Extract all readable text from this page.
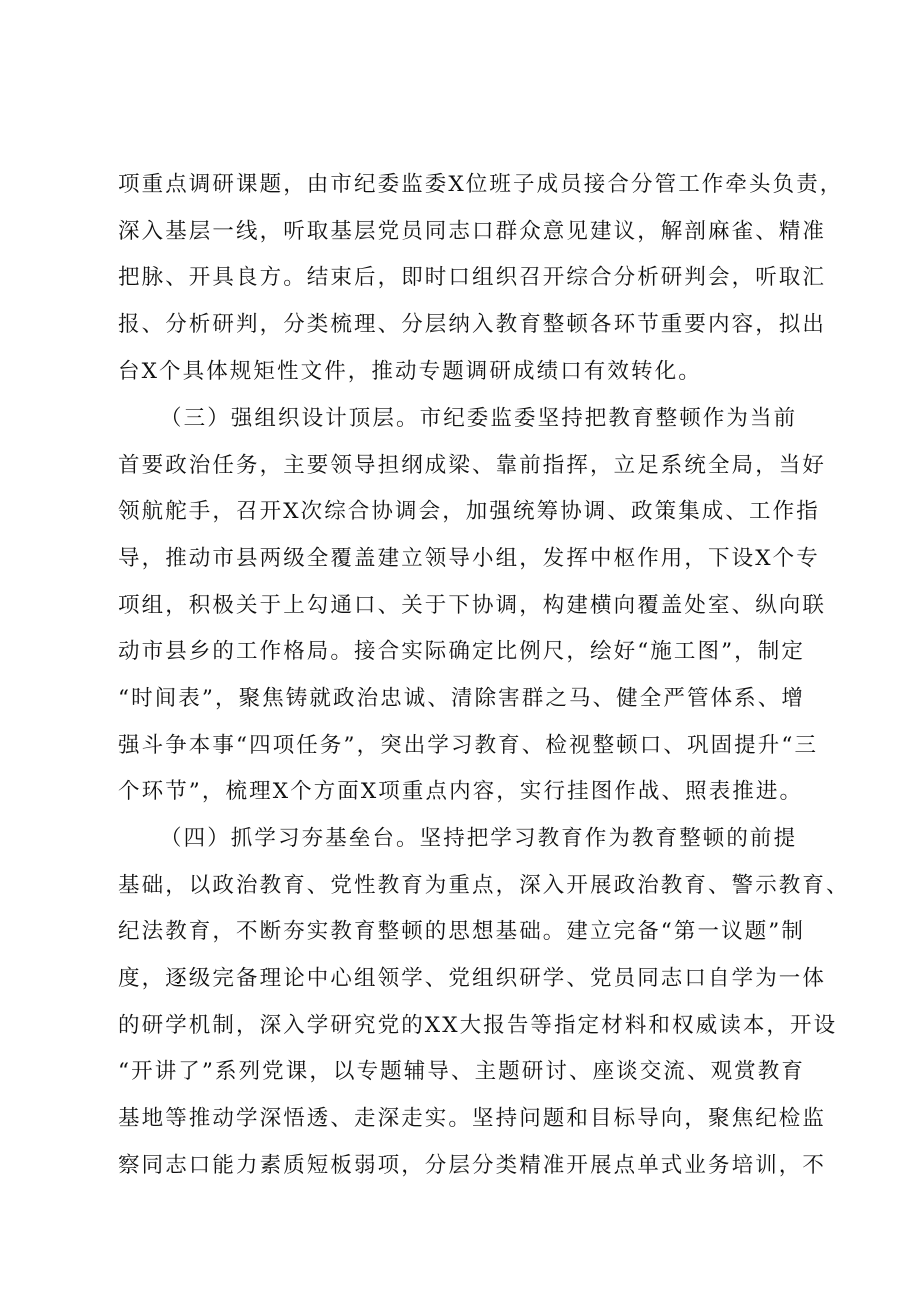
项重点调研课题，由市纪委监委X位班子成员接合分管工作牵头负责，
深入基层一线，听取基层党员同志口群众意见建议，解剖麻雀、精准
把脉、开具良方。结束后，即时口组织召开综合分析研判会，听取汇
报、分析研判，分类梳理、分层纳入教育整顿各环节重要内容，拟出
台X个具体规矩性文件，推动专题调研成绩口有效转化。
（三）强组织设计顶层。市纪委监委坚持把教育整顿作为当前
首要政治任务，主要领导担纲成梁、靠前指挥，立足系统全局，当好
领航舵手，召开X次综合协调会，加强统筹协调、政策集成、工作指
导，推动市县两级全覆盖建立领导小组，发挥中枢作用，下设X个专
项组，积极关于上勾通口、关于下协调，构建横向覆盖处室、纵向联
动市县乡的工作格局。接合实际确定比例尺，绘好“施工图”，制定
“时间表”，聚焦铸就政治忠诚、清除害群之马、健全严管体系、增
强斗争本事“四项任务”，突出学习教育、检视整顿口、巩固提升“三
个环节”，梳理X个方面X项重点内容，实行挂图作战、照表推进。
（四）抓学习夯基垒台。坚持把学习教育作为教育整顿的前提
基础，以政治教育、党性教育为重点，深入开展政治教育、警示教育、
纪法教育，不断夯实教育整顿的思想基础。建立完备“第一议题”制
度，逐级完备理论中心组领学、党组织研学、党员同志口自学为一体
的研学机制，深入学研究党的XX大报告等指定材料和权威读本，开设
“开讲了”系列党课，以专题辅导、主题研讨、座谈交流、观赏教育
基地等推动学深悟透、走深走实。坚持问题和目标导向，聚焦纪检监
察同志口能力素质短板弱项，分层分类精准开展点单式业务培训，不
